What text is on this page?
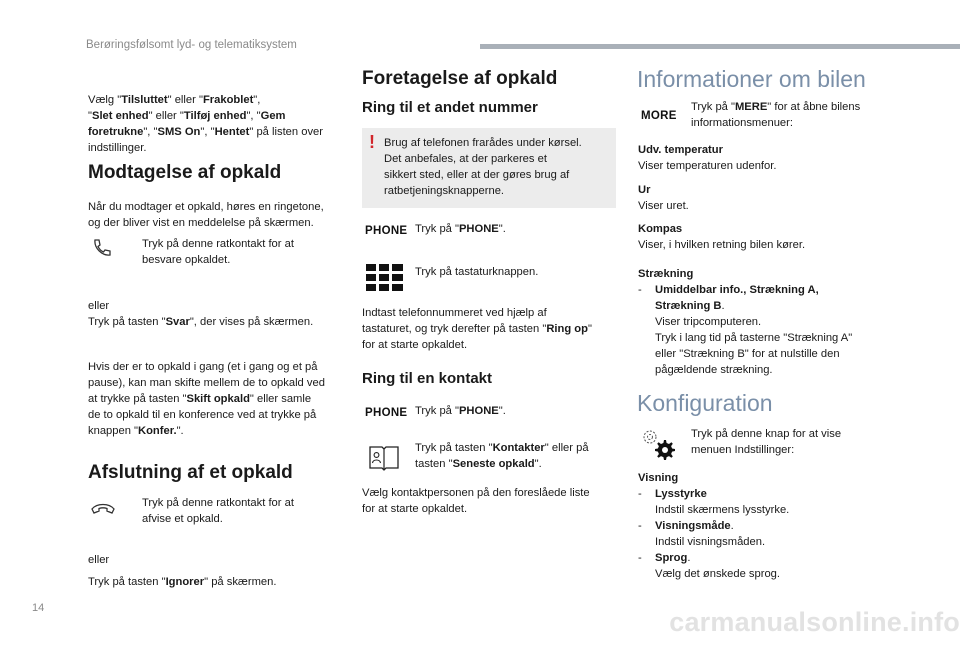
Berøringsfølsomt lyd- og telematiksystem
Vælg "Tilsluttet" eller "Frakoblet",
"Slet enhed" eller "Tilføj enhed", "Gem
foretrukne", "SMS On", "Hentet" på listen over
indstillinger.
Modtagelse af opkald
Når du modtager et opkald, høres en ringetone,
og der bliver vist en meddelelse på skærmen.
Tryk på denne ratkontakt for at
besvare opkaldet.
eller
Tryk på tasten "Svar", der vises på skærmen.
Hvis der er to opkald i gang (et i gang og et på
pause), kan man skifte mellem de to opkald ved
at trykke på tasten "Skift opkald" eller samle
de to opkald til en konference ved at trykke på
knappen "Konfer.".
Afslutning af et opkald
Tryk på denne ratkontakt for at
afvise et opkald.
eller
Tryk på tasten "Ignorer" på skærmen.
Foretagelse af opkald
Ring til et andet nummer
! Brug af telefonen frarådes under kørsel.
Det anbefales, at der parkeres et
sikkert sted, eller at der gøres brug af
ratbetjeningsknapperne.
PHONE Tryk på "PHONE".
Tryk på tastaturknappen.
Indtast telefonnummeret ved hjælp af
tastaturet, og tryk derefter på tasten "Ring op"
for at starte opkaldet.
Ring til en kontakt
PHONE Tryk på "PHONE".
Tryk på tasten "Kontakter" eller på
tasten "Seneste opkald".
Vælg kontaktpersonen på den foreslåede liste
for at starte opkaldet.
Informationer om bilen
MORE
Tryk på "MERE" for at åbne bilens
informationsmenuer:
Udv. temperatur
Viser temperaturen udenfor.
Ur
Viser uret.
Kompas
Viser, i hvilken retning bilen kører.
Strækning
- Umiddelbar info., Strækning A,
Strækning B.
Viser tripcomputeren.
Tryk i lang tid på tasterne "Strækning A"
eller "Strækning B" for at nulstille den
pågældende strækning.
Konfiguration
Tryk på denne knap for at vise
menuen Indstillinger:
Visning
- Lysstyrke
Indstil skærmens lysstyrke.
- Visningsmåde.
Indstil visningsmåden.
- Sprog.
Vælg det ønskede sprog.
14	carmanualsonline.info
